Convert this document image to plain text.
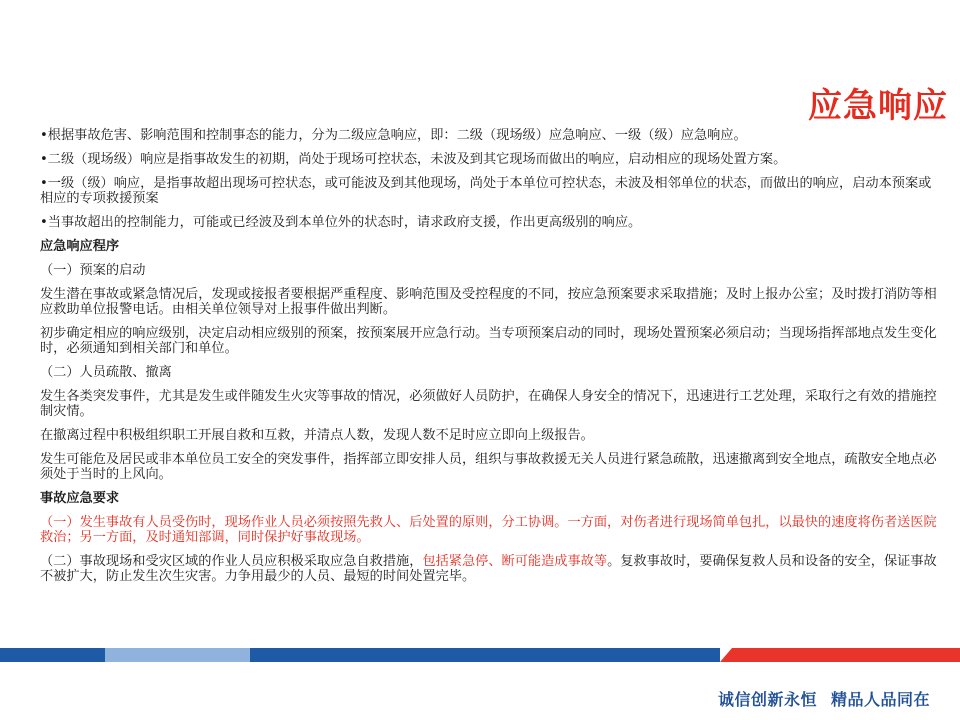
应急响应
•根据事故危害、影响范围和控制事态的能力，分为二级应急响应，即：二级（现场级）应急响应、一级（级）应急响应。
•二级（现场级）响应是指事故发生的初期，尚处于现场可控状态，未波及到其它现场而做出的响应，启动相应的现场处置方案。
•一级（级）响应，是指事故超出现场可控状态，或可能波及到其他现场，尚处于本单位可控状态，未波及相邻单位的状态，而做出的响应，启动本预案或相应的专项救援预案
•当事故超出的控制能力，可能或已经波及到本单位外的状态时，请求政府支援，作出更高级别的响应。
应急响应程序
（一）预案的启动
发生潜在事故或紧急情况后，发现或接报者要根据严重程度、影响范围及受控程度的不同，按应急预案要求采取措施；及时上报办公室；及时拨打消防等相应救助单位报警电话。由相关单位领导对上报事件做出判断。
初步确定相应的响应级别，决定启动相应级别的预案，按预案展开应急行动。当专项预案启动的同时，现场处置预案必须启动；当现场指挥部地点发生变化时，必须通知到相关部门和单位。
（二）人员疏散、撤离
发生各类突发事件，尤其是发生或伴随发生火灾等事故的情况，必须做好人员防护，在确保人身安全的情况下，迅速进行工艺处理，采取行之有效的措施控制灾情。
在撤离过程中积极组织职工开展自救和互救，并清点人数，发现人数不足时应立即向上级报告。
发生可能危及居民或非本单位员工安全的突发事件，指挥部立即安排人员，组织与事故救援无关人员进行紧急疏散，迅速撤离到安全地点，疏散安全地点必须处于当时的上风向。
事故应急要求
（一）发生事故有人员受伤时，现场作业人员必须按照先救人、后处置的原则，分工协调。一方面，对伤者进行现场简单包扎，以最快的速度将伤者送医院救治；另一方面，及时通知部调，同时保护好事故现场。
（二）事故现场和受灾区域的作业人员应积极采取应急自救措施，包括紧急停、断可能造成事故等。复救事故时，要确保复救人员和设备的安全，保证事故不被扩大，防止发生次生灾害。力争用最少的人员、最短的时间处置完毕。
诚信创新永恒 精品人品同在
